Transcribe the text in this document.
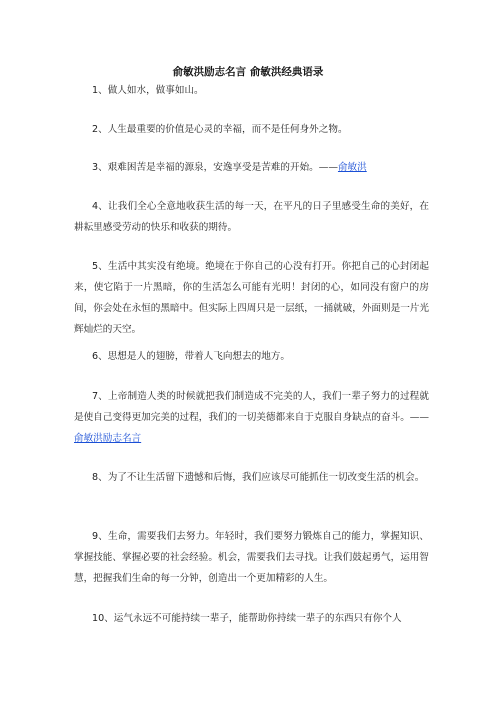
俞敏洪励志名言 俞敏洪经典语录

1、做人如水，做事如山。

2、人生最重要的价值是心灵的幸福，而不是任何身外之物。

3、艰难困苦是幸福的源泉，安逸享受是苦难的开始。——俞敏洪

4、让我们全心全意地收获生活的每一天，在平凡的日子里感受生命的美好，在耕耘里感受劳动的快乐和收获的期待。

5、生活中其实没有绝境。绝境在于你自己的心没有打开。你把自己的心封闭起来，使它陷于一片黑暗，你的生活怎么可能有光明！封闭的心，如同没有窗户的房间，你会处在永恒的黑暗中。但实际上四周只是一层纸，一捅就破，外面则是一片光辉灿烂的天空。

6、思想是人的翅膀，带着人飞向想去的地方。

7、上帝制造人类的时候就把我们制造成不完美的人，我们一辈子努力的过程就是使自己变得更加完美的过程，我们的一切美德都来自于克服自身缺点的奋斗。——俞敏洪励志名言

8、为了不让生活留下遗憾和后悔，我们应该尽可能抓住一切改变生活的机会。

9、生命，需要我们去努力。年轻时，我们要努力锻炼自己的能力，掌握知识、掌握技能、掌握必要的社会经验。机会，需要我们去寻找。让我们鼓起勇气，运用智慧，把握我们生命的每一分钟，创造出一个更加精彩的人生。

10、运气永远不可能持续一辈子，能帮助你持续一辈子的东西只有你个人
